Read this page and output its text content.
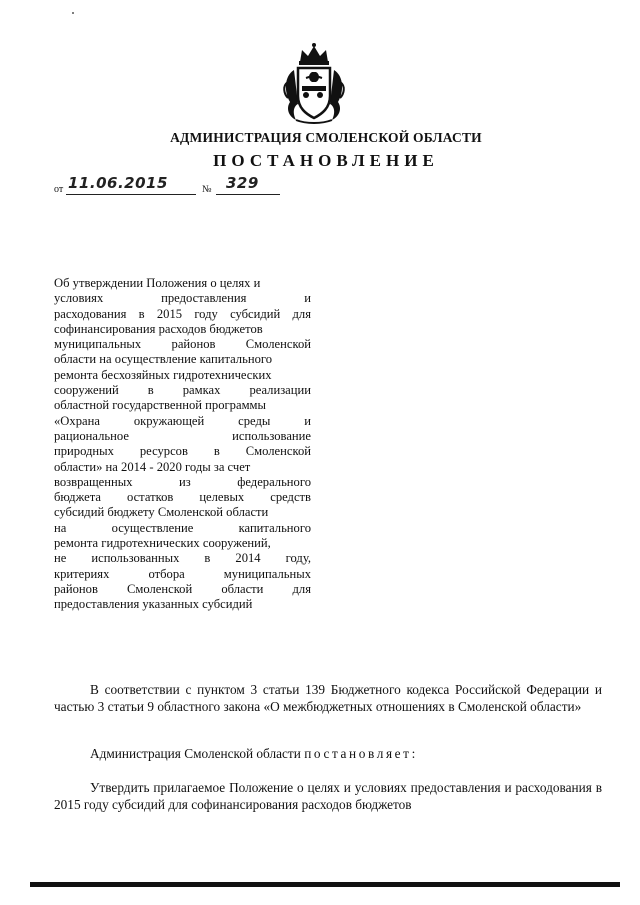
АДМИНИСТРАЦИЯ СМОЛЕНСКОЙ ОБЛАСТИ
ПОСТАНОВЛЕНИЕ
от 11.06.2015	№ 329
Об утверждении Положения о целях и
условиях предоставления и
расходования в 2015 году субсидий для
софинансирования расходов бюджетов
муниципальных районов Смоленской
области на осуществление капитального
ремонта бесхозяйных гидротехнических
сооружений в рамках реализации
областной государственной программы
«Охрана окружающей среды и
рациональное использование
природных ресурсов в Смоленской
области» на 2014 - 2020 годы за счет
возвращенных из федерального
бюджета остатков целевых средств
субсидий бюджету Смоленской области
на осуществление капитального
ремонта гидротехнических сооружений,
не использованных в 2014 году,
критериях отбора муниципальных
районов Смоленской области для
предоставления указанных субсидий

В соответствии с пунктом 3 статьи 139 Бюджетного кодекса Российской Федерации и частью 3 статьи 9 областного закона «О межбюджетных отношениях в Смоленской области»

Администрация Смоленской области постановляет:

Утвердить прилагаемое Положение о целях и условиях предоставления и расходования в 2015 году субсидий для софинансирования расходов бюджетов
